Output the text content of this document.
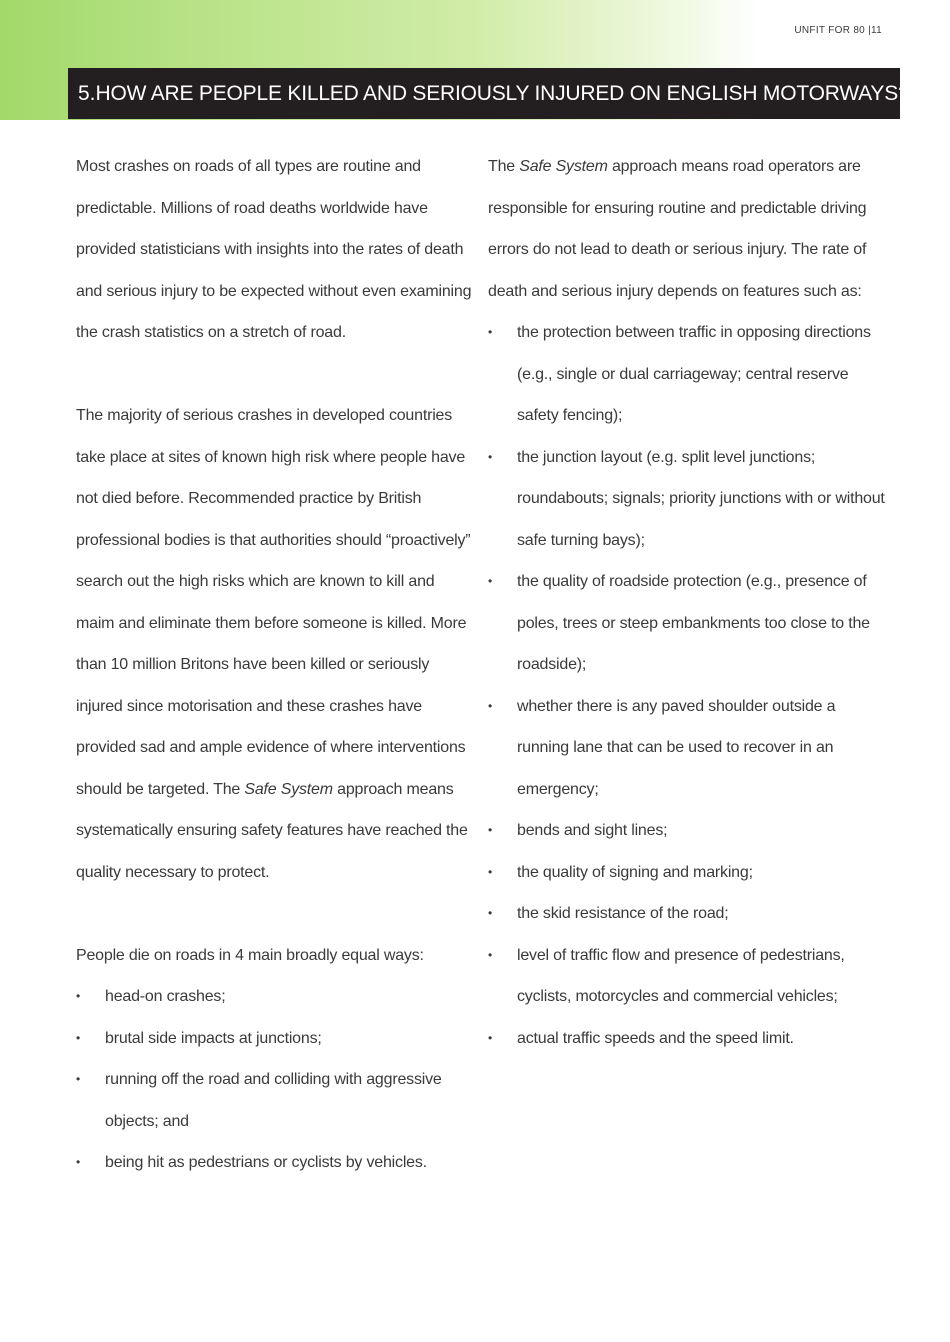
UNFIT FOR 80 |11
5. HOW ARE PEOPLE KILLED AND SERIOUSLY INJURED ON ENGLISH MOTORWAYS?

Most crashes on roads of all types are routine and predictable. Millions of road deaths worldwide have provided statisticians with insights into the rates of death and serious injury to be expected without even examining the crash statistics on a stretch of road.

The majority of serious crashes in developed countries take place at sites of known high risk where people have not died before. Recommended practice by British professional bodies is that authorities should “proactively” search out the high risks which are known to kill and maim and eliminate them before someone is killed. More than 10 million Britons have been killed or seriously injured since motorisation and these crashes have provided sad and ample evidence of where interventions should be targeted. The Safe System approach means systematically ensuring safety features have reached the quality necessary to protect.

People die on roads in 4 main broadly equal ways:

• head-on crashes;
• brutal side impacts at junctions;
• running off the road and colliding with aggressive objects; and
• being hit as pedestrians or cyclists by vehicles.

The Safe System approach means road operators are responsible for ensuring routine and predictable driving errors do not lead to death or serious injury. The rate of death and serious injury depends on features such as:

• the protection between traffic in opposing directions (e.g., single or dual carriageway; central reserve safety fencing);
• the junction layout (e.g. split level junctions; roundabouts; signals; priority junctions with or without safe turning bays);
• the quality of roadside protection (e.g., presence of poles, trees or steep embankments too close to the roadside);
• whether there is any paved shoulder outside a running lane that can be used to recover in an emergency;
• bends and sight lines;
• the quality of signing and marking;
• the skid resistance of the road;
• level of traffic flow and presence of pedestrians, cyclists, motorcycles and commercial vehicles;
• actual traffic speeds and the speed limit.
